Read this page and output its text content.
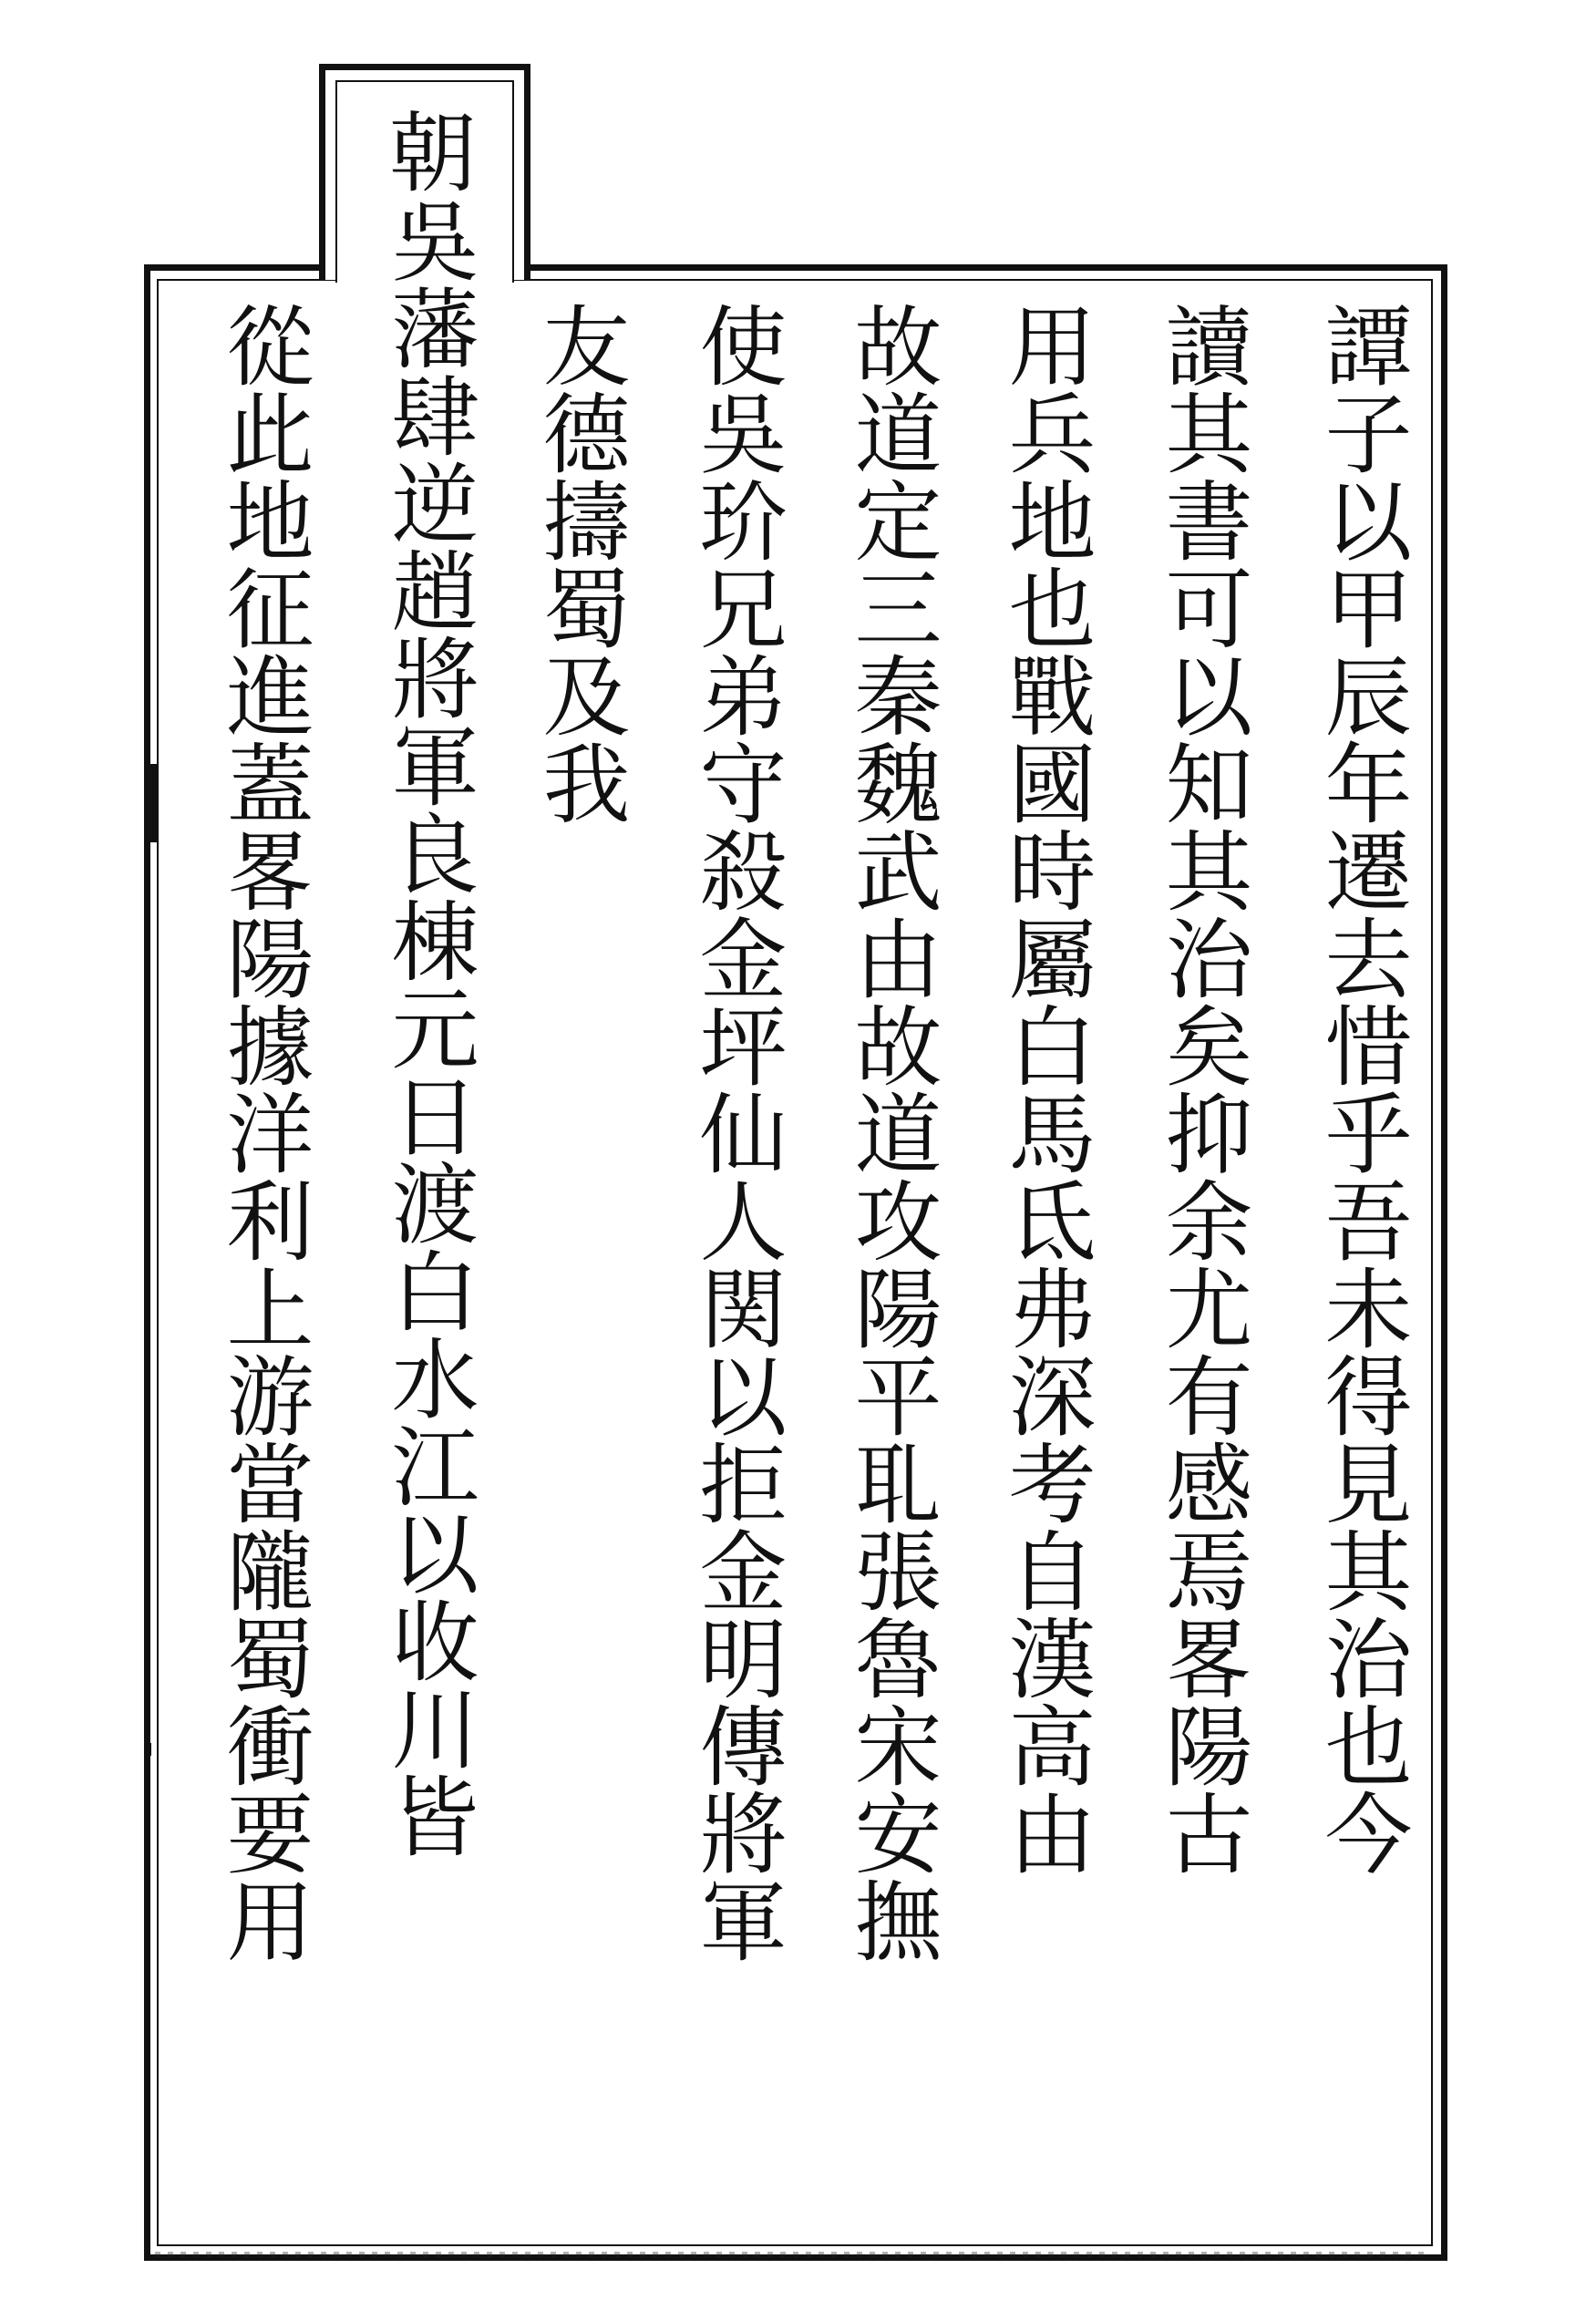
譚子以甲辰年遷去惜乎吾未得見其治也今
讀其書可以知其治矣抑余尤有感焉畧陽古
用兵地也戰國時屬白馬氐弗深考自漢高由
故道定三秦魏武由故道攻陽平耴張魯宋安撫
使吳玠兄弟守殺金坪仙人関以拒金明傳將軍
友德擣蜀及我
朝
吳藩肆逆趙將軍良棟元日渡白水江以收川皆
從此地征進蓋畧陽據洋利上游當隴蜀衝要用
